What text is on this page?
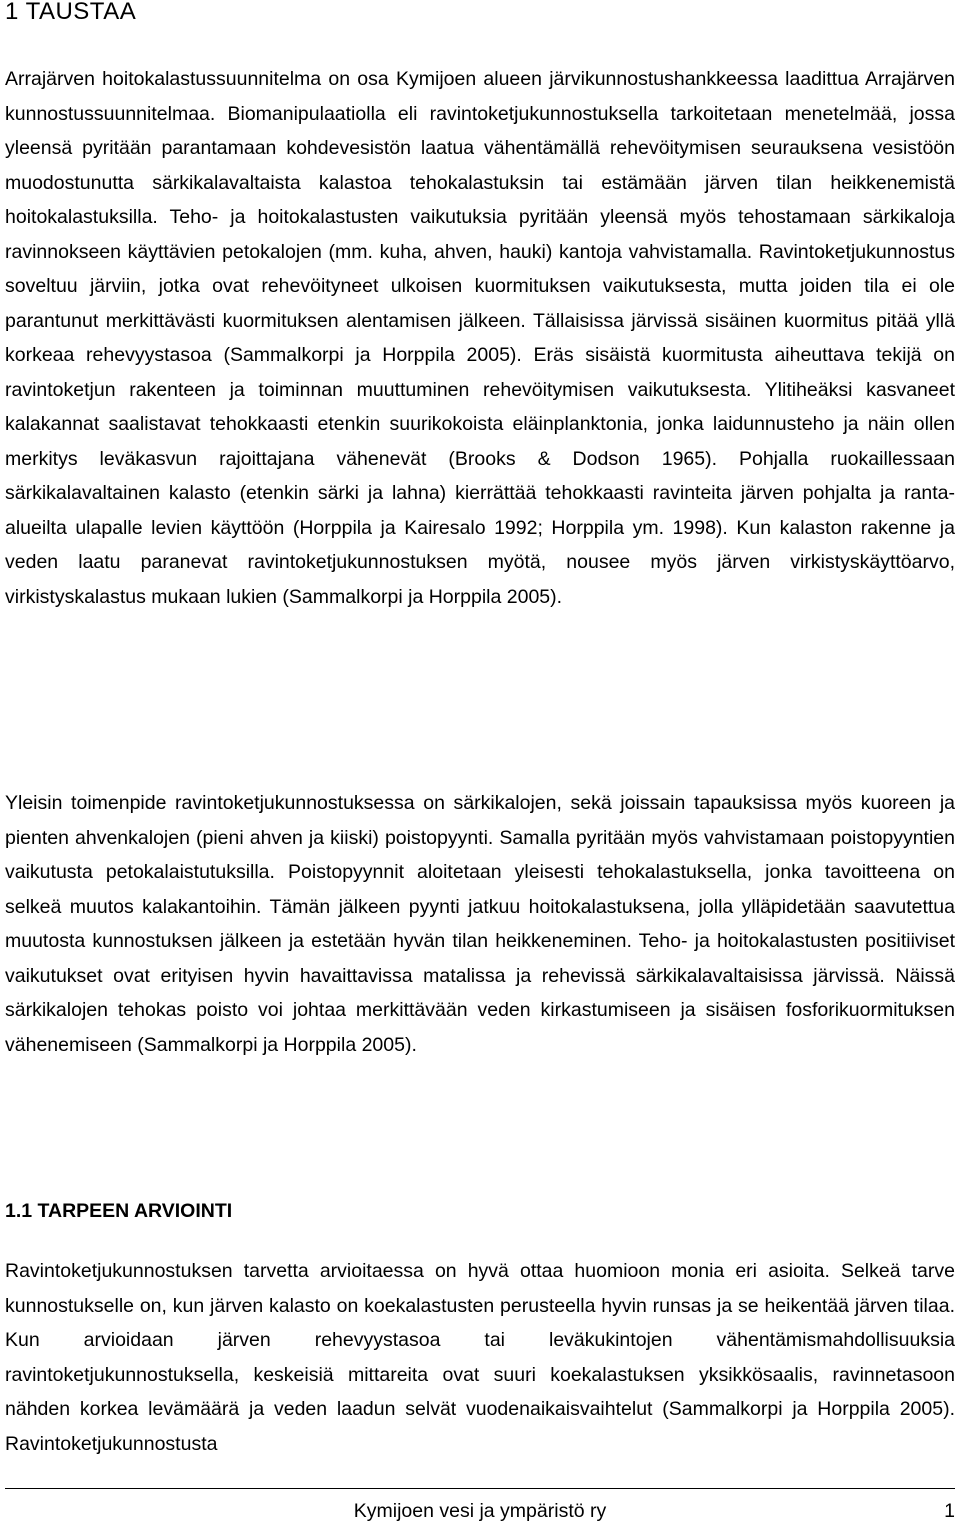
1 TAUSTAA

Arrajärven hoitokalastussuunnitelma on osa Kymijoen alueen järvikunnostushankkeessa laadittua Arrajärven kunnostussuunnitelmaa. Biomanipulaatiolla eli ravintoketjukunnostuksella tarkoitetaan menetelmää, jossa yleensä pyritään parantamaan kohdevesistön laatua vähentämällä rehevöitymisen seurauksena vesistöön muodostunutta särkikalavaltaista kalastoa tehokalastuksin tai estämään järven tilan heikkenemistä hoitokalastuksilla. Teho- ja hoitokalastusten vaikutuksia pyritään yleensä myös tehostamaan särkikaloja ravinnokseen käyttävien petokalojen (mm. kuha, ahven, hauki) kantoja vahvistamalla. Ravintoketjukunnostus soveltuu järviin, jotka ovat rehevöityneet ulkoisen kuormituksen vaikutuksesta, mutta joiden tila ei ole parantunut merkittävästi kuormituksen alentamisen jälkeen. Tällaisissa järvissä sisäinen kuormitus pitää yllä korkeaa rehevyystasoa (Sammalkorpi ja Horppila 2005). Eräs sisäistä kuormitusta aiheuttava tekijä on ravintoketjun rakenteen ja toiminnan muuttuminen rehevöitymisen vaikutuksesta. Ylitiheäksi kasvaneet kalakannat saalistavat tehokkaasti etenkin suurikokoista eläinplanktonia, jonka laidunnusteho ja näin ollen merkitys leväkasvun rajoittajana vähenevät (Brooks & Dodson 1965). Pohjalla ruokaillessaan särkikalavaltainen kalasto (etenkin särki ja lahna) kierrättää tehokkaasti ravinteita järven pohjalta ja ranta-alueilta ulapalle levien käyttöön (Horppila ja Kairesalo 1992; Horppila ym. 1998). Kun kalaston rakenne ja veden laatu paranevat ravintoketjukunnostuksen myötä, nousee myös järven virkistyskäyttöarvo, virkistyskalastus mukaan lukien (Sammalkorpi ja Horppila 2005).

Yleisin toimenpide ravintoketjukunnostuksessa on särkikalojen, sekä joissain tapauksissa myös kuoreen ja pienten ahvenkalojen (pieni ahven ja kiiski) poistopyynti. Samalla pyritään myös vahvistamaan poistopyyntien vaikutusta petokalaistutuksilla. Poistopyynnit aloitetaan yleisesti tehokalastuksella, jonka tavoitteena on selkeä muutos kalakantoihin. Tämän jälkeen pyynti jatkuu hoitokalastuksena, jolla ylläpidetään saavutettua muutosta kunnostuksen jälkeen ja estetään hyvän tilan heikkeneminen. Teho- ja hoitokalastusten positiiviset vaikutukset ovat erityisen hyvin havaittavissa matalissa ja rehevissä särkikalavaltaisissa järvissä. Näissä särkikalojen tehokas poisto voi johtaa merkittävään veden kirkastumiseen ja sisäisen fosforikuormituksen vähenemiseen (Sammalkorpi ja Horppila 2005).

1.1 TARPEEN ARVIOINTI

Ravintoketjukunnostuksen tarvetta arvioitaessa on hyvä ottaa huomioon monia eri asioita. Selkeä tarve kunnostukselle on, kun järven kalasto on koekalastusten perusteella hyvin runsas ja se heikentää järven tilaa. Kun arvioidaan järven rehevyystasoa tai leväkukintojen vähentämismahdollisuuksia ravintoketjukunnostuksella, keskeisiä mittareita ovat suuri koekalastuksen yksikkösaalis, ravinnetasoon nähden korkea levämäärä ja veden laadun selvät vuodenaikaisvaihtelut (Sammalkorpi ja Horppila 2005). Ravintoketjukunnostusta

Kymijoen vesi ja ympäristö ry	1
